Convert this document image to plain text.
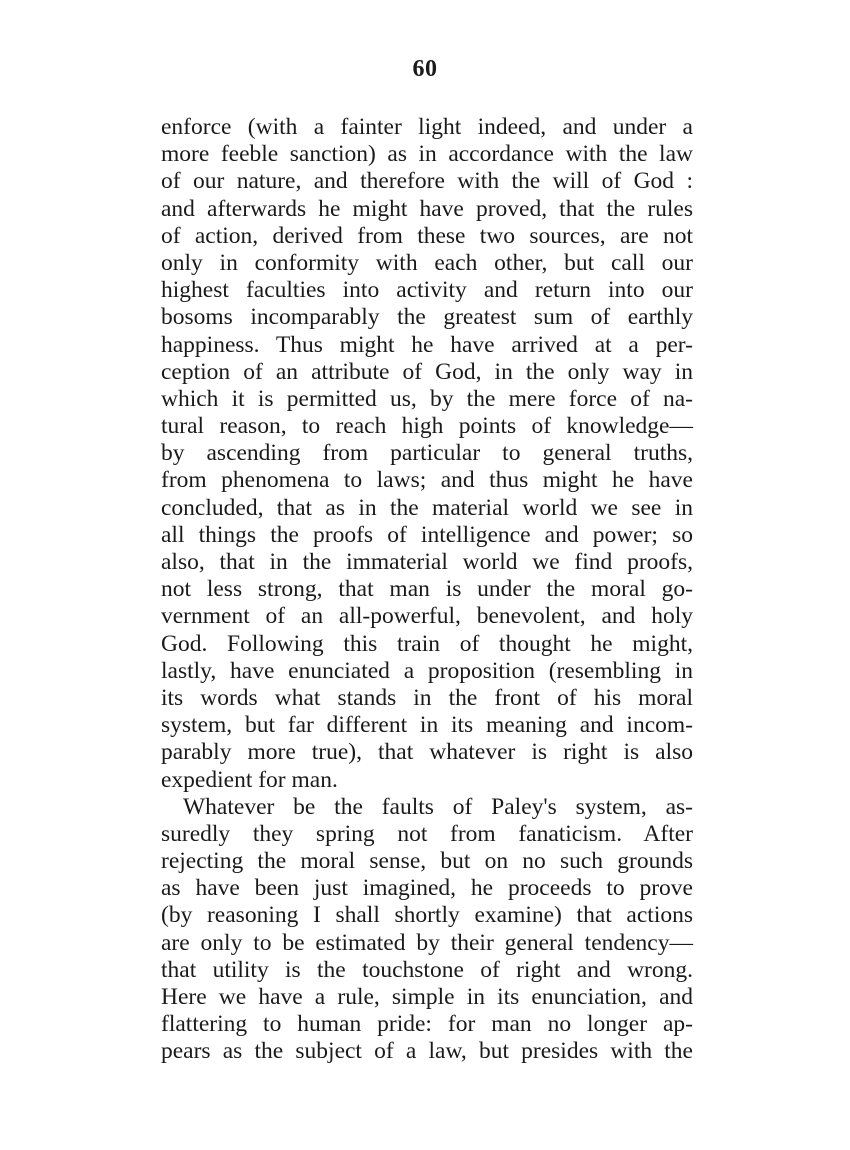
60
enforce (with a fainter light indeed, and under a
more feeble sanction) as in accordance with the law
of our nature, and therefore with the will of God :
and afterwards he might have proved, that the rules
of action, derived from these two sources, are not
only in conformity with each other, but call our
highest faculties into activity and return into our
bosoms incomparably the greatest sum of earthly
happiness. Thus might he have arrived at a per-
ception of an attribute of God, in the only way in
which it is permitted us, by the mere force of na-
tural reason, to reach high points of knowledge—
by ascending from particular to general truths,
from phenomena to laws; and thus might he have
concluded, that as in the material world we see in
all things the proofs of intelligence and power; so
also, that in the immaterial world we find proofs,
not less strong, that man is under the moral go-
vernment of an all-powerful, benevolent, and holy
God. Following this train of thought he might,
lastly, have enunciated a proposition (resembling in
its words what stands in the front of his moral
system, but far different in its meaning and incom-
parably more true), that whatever is right is also
expedient for man.
Whatever be the faults of Paley's system, as-
suredly they spring not from fanaticism. After
rejecting the moral sense, but on no such grounds
as have been just imagined, he proceeds to prove
(by reasoning I shall shortly examine) that actions
are only to be estimated by their general tendency—
that utility is the touchstone of right and wrong.
Here we have a rule, simple in its enunciation, and
flattering to human pride: for man no longer ap-
pears as the subject of a law, but presides with the
